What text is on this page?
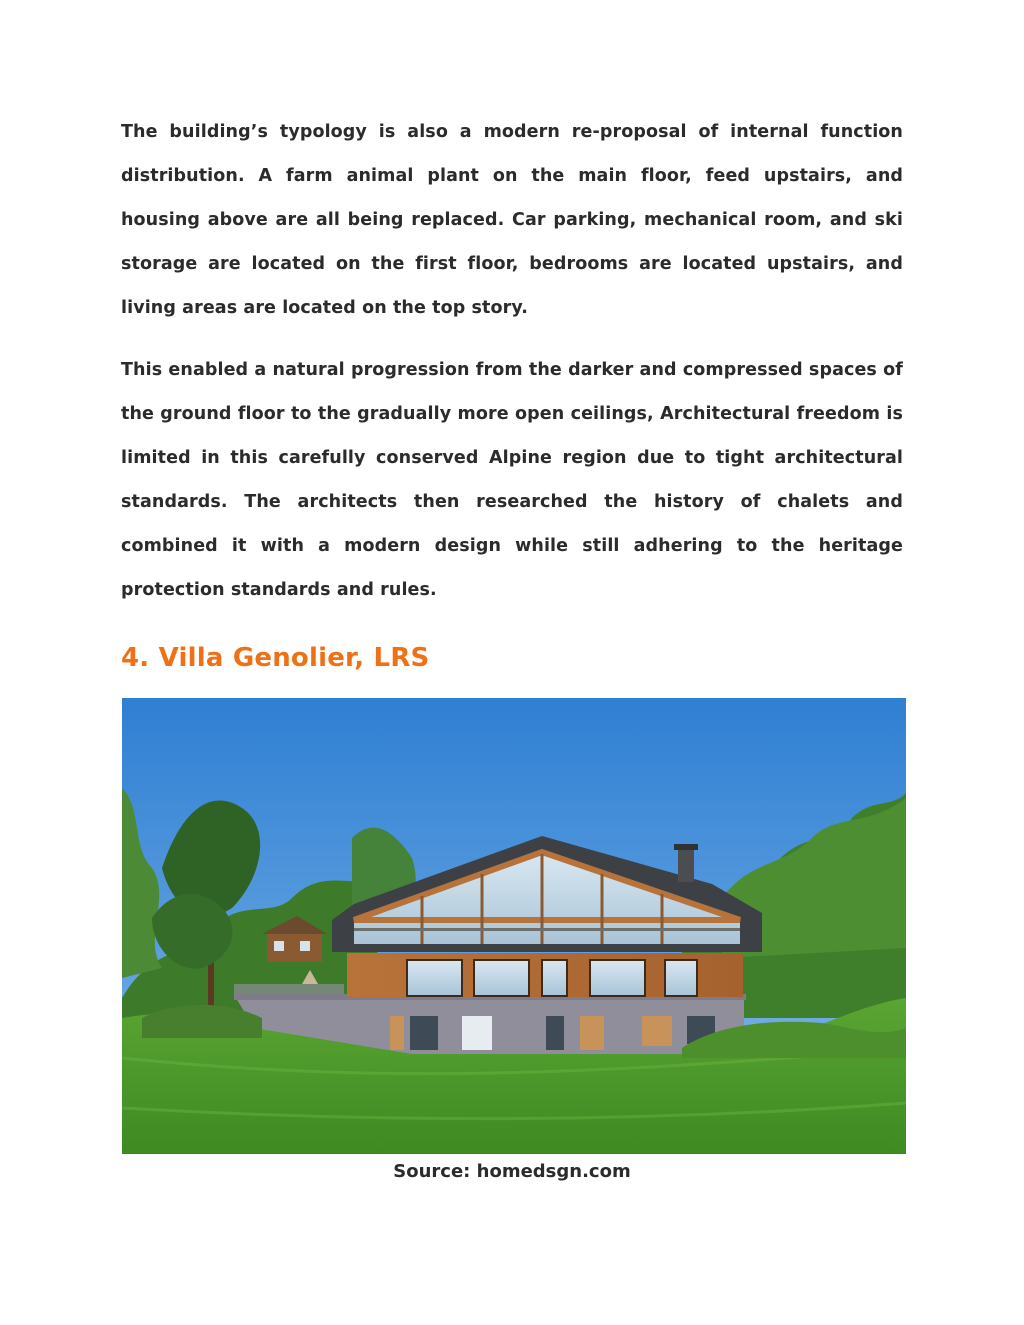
The building’s typology is also a modern re-proposal of internal function distribution. A farm animal plant on the main floor, feed upstairs, and housing above are all being replaced. Car parking, mechanical room, and ski storage are located on the first floor, bedrooms are located upstairs, and living areas are located on the top story.

This enabled a natural progression from the darker and compressed spaces of the ground floor to the gradually more open ceilings, Architectural freedom is limited in this carefully conserved Alpine region due to tight architectural standards. The architects then researched the history of chalets and combined it with a modern design while still adhering to the heritage protection standards and rules.

4. Villa Genolier, LRS
Source: homedsgn.com
